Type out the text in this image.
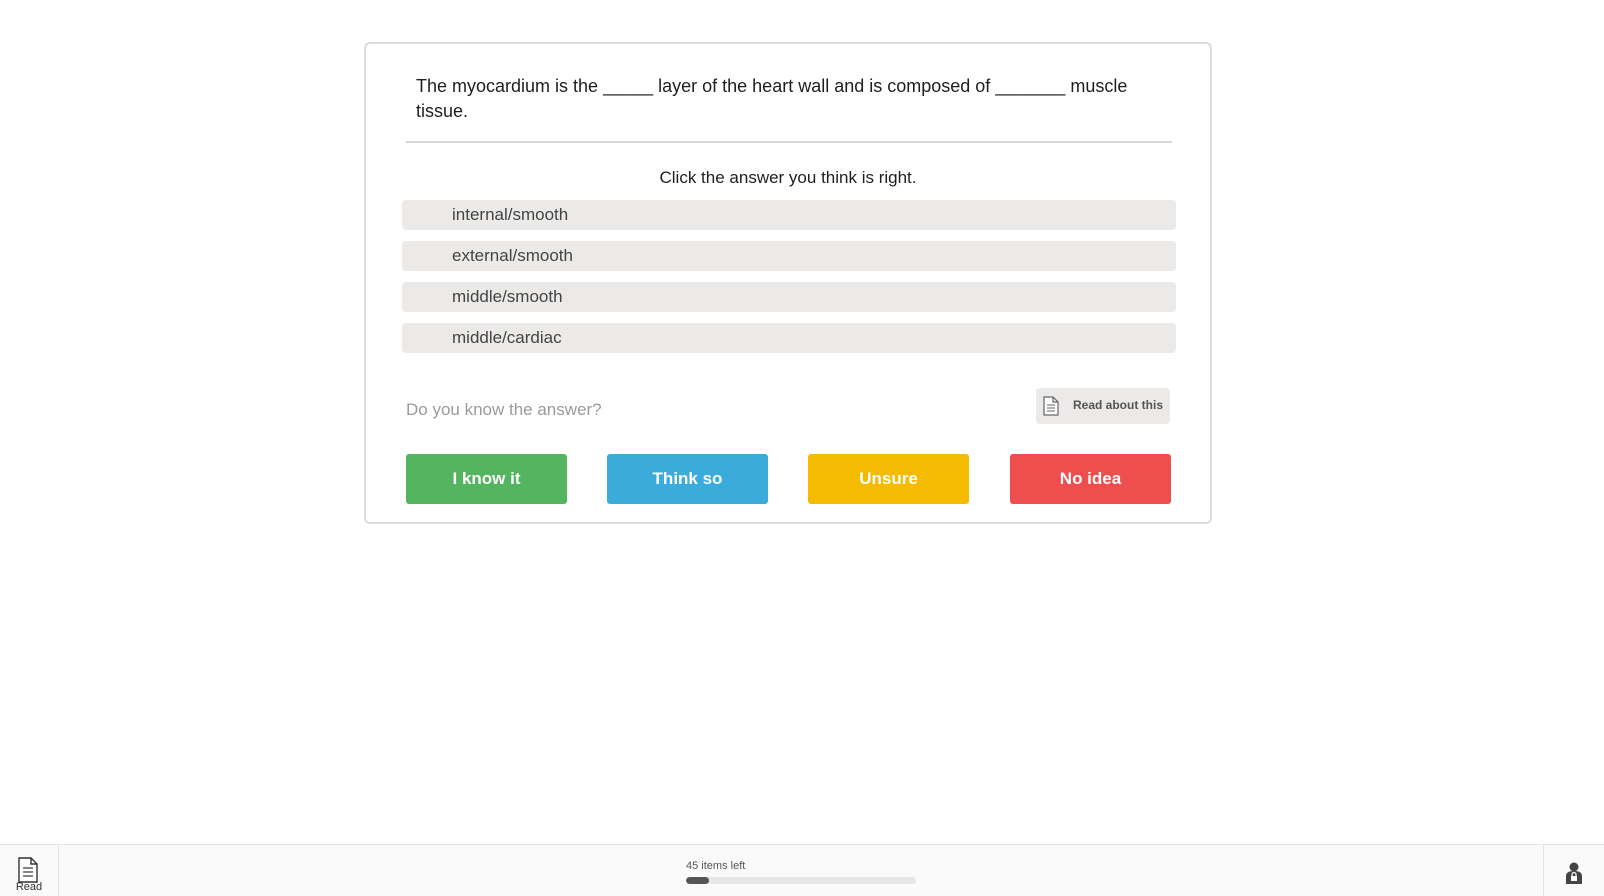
The myocardium is the _____ layer of the heart wall and is composed of _______ muscle tissue.
Click the answer you think is right.
internal/smooth
external/smooth
middle/smooth
middle/cardiac
Do you know the answer?	Read about this
I know it	Think so	Unsure	No idea
Read
45 items left
